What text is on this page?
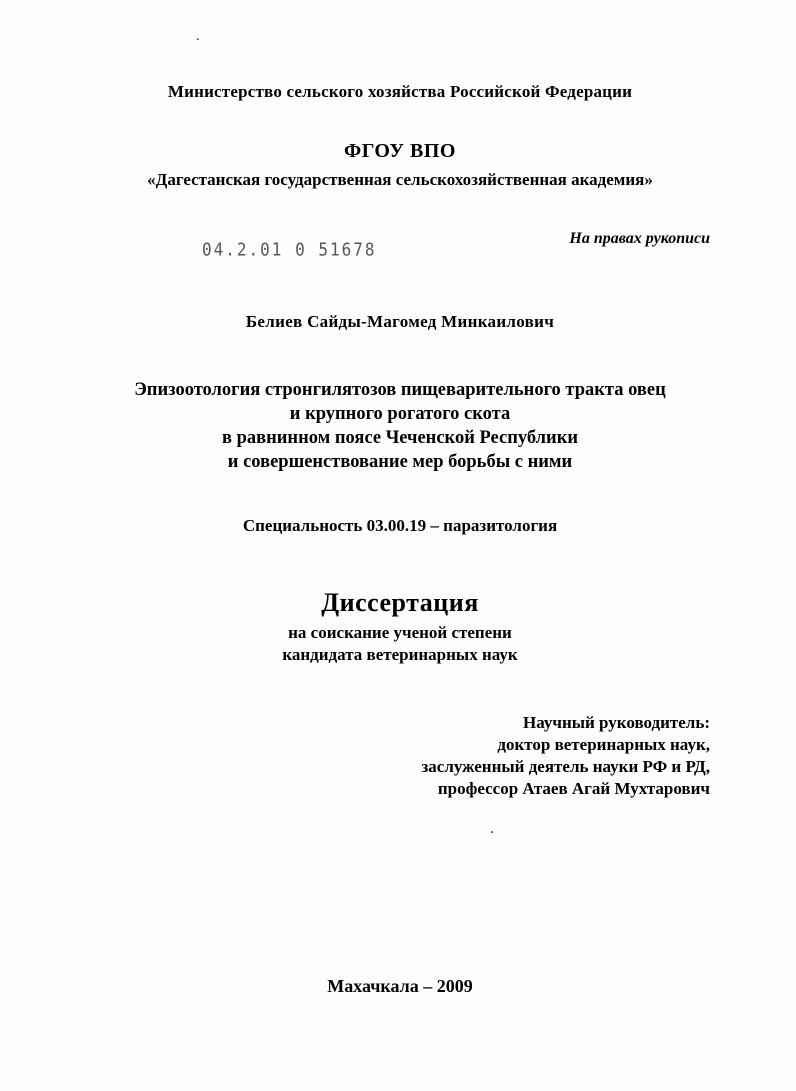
.
Министерство сельского хозяйства Российской Федерации
ФГОУ ВПО
«Дагестанская государственная сельскохозяйственная академия»
На правах рукописи
04.2.01 0 51678
Белиев Сайды-Магомед Минкаилович
Эпизоотология стронгилятозов пищеварительного тракта овец
и крупного рогатого скота
в равнинном поясе Чеченской Республики
и совершенствование мер борьбы с ними
Специальность 03.00.19 – паразитология
Диссертация
на соискание ученой степени
кандидата ветеринарных наук
Научный руководитель:
доктор ветеринарных наук,
заслуженный деятель науки РФ и РД,
профессор Атаев Агай Мухтарович
.
Махачкала – 2009
